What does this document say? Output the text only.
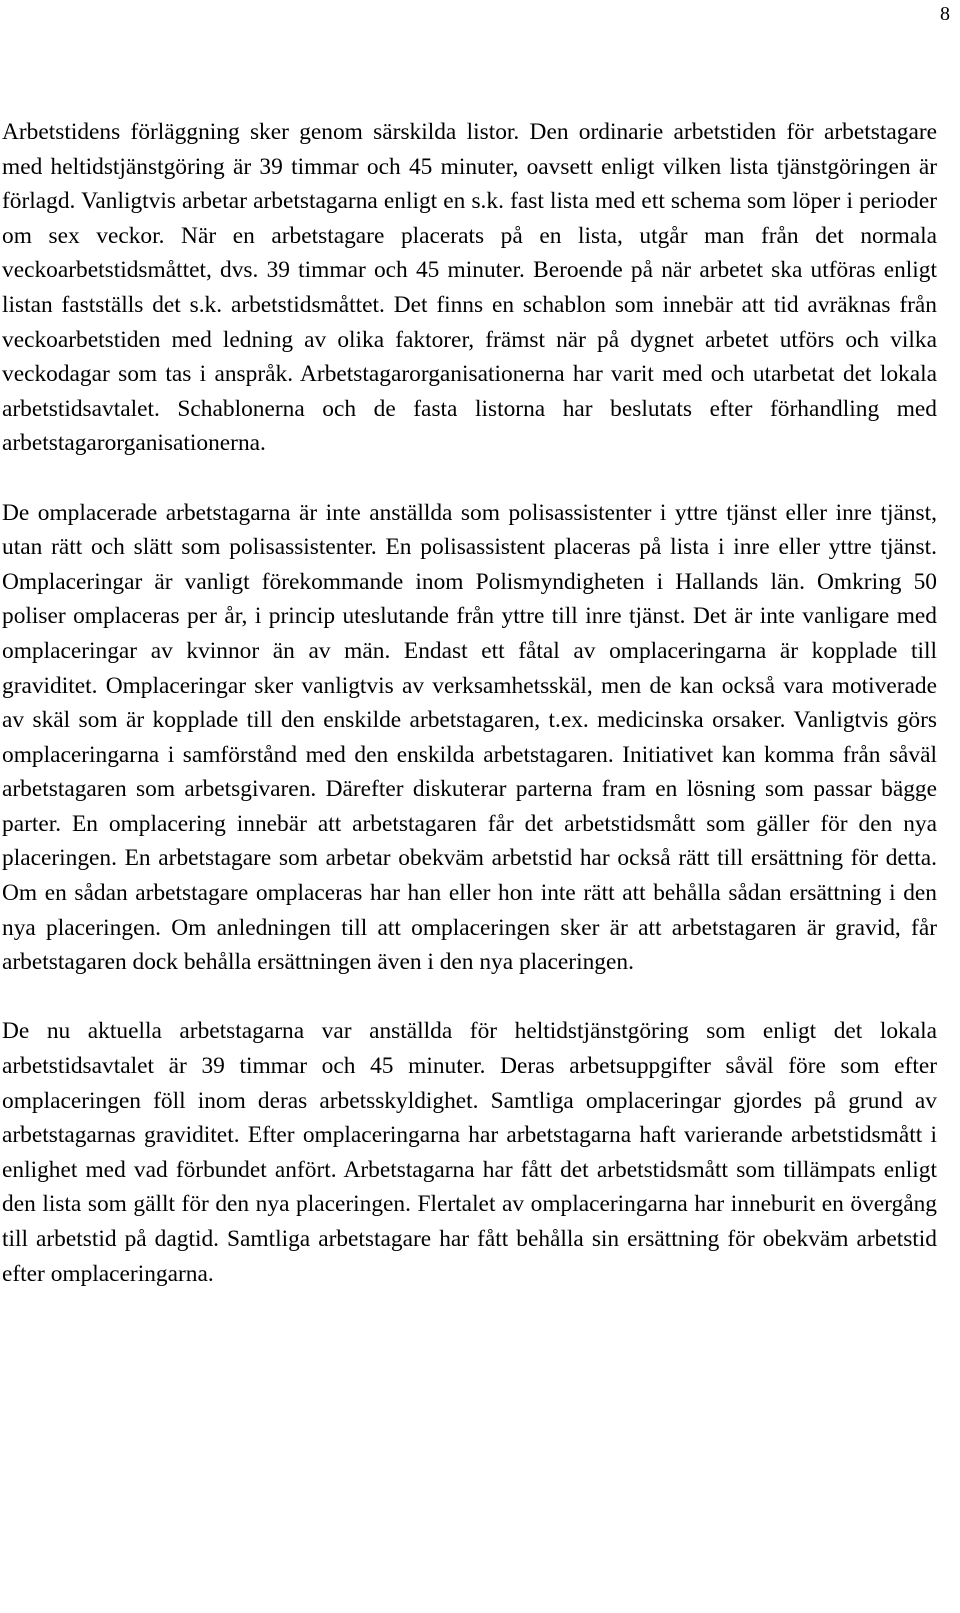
8

Arbetstidens förläggning sker genom särskilda listor. Den ordinarie arbetstiden för arbetstagare med heltidstjänstgöring är 39 timmar och 45 minuter, oavsett enligt vilken lista tjänstgöringen är förlagd. Vanligtvis arbetar arbetstagarna enligt en s.k. fast lista med ett schema som löper i perioder om sex veckor. När en arbetstagare placerats på en lista, utgår man från det normala veckoarbetstidsmåttet, dvs. 39 timmar och 45 minuter. Beroende på när arbetet ska utföras enligt listan fastställs det s.k. arbetstidsmåttet. Det finns en schablon som innebär att tid avräknas från veckoarbetstiden med ledning av olika faktorer, främst när på dygnet arbetet utförs och vilka veckodagar som tas i anspråk. Arbetstagarorganisationerna har varit med och utarbetat det lokala arbetstidsavtalet. Schablonerna och de fasta listorna har beslutats efter förhandling med arbetstagarorganisationerna.

De omplacerade arbetstagarna är inte anställda som polisassistenter i yttre tjänst eller inre tjänst, utan rätt och slätt som polisassistenter. En polisassistent placeras på lista i inre eller yttre tjänst. Omplaceringar är vanligt förekommande inom Polismyndigheten i Hallands län. Omkring 50 poliser omplaceras per år, i princip uteslutande från yttre till inre tjänst. Det är inte vanligare med omplaceringar av kvinnor än av män. Endast ett fåtal av omplaceringarna är kopplade till graviditet. Omplaceringar sker vanligtvis av verksamhetsskäl, men de kan också vara motiverade av skäl som är kopplade till den enskilde arbetstagaren, t.ex. medicinska orsaker. Vanligtvis görs omplaceringarna i samförstånd med den enskilda arbetstagaren. Initiativet kan komma från såväl arbetstagaren som arbetsgivaren. Därefter diskuterar parterna fram en lösning som passar bägge parter. En omplacering innebär att arbetstagaren får det arbetstidsmått som gäller för den nya placeringen. En arbetstagare som arbetar obekväm arbetstid har också rätt till ersättning för detta. Om en sådan arbetstagare omplaceras har han eller hon inte rätt att behålla sådan ersättning i den nya placeringen. Om anledningen till att omplaceringen sker är att arbetstagaren är gravid, får arbetstagaren dock behålla ersättningen även i den nya placeringen.

De nu aktuella arbetstagarna var anställda för heltidstjänstgöring som enligt det lokala arbetstidsavtalet är 39 timmar och 45 minuter. Deras arbetsuppgifter såväl före som efter omplaceringen föll inom deras arbetsskyldighet. Samtliga omplaceringar gjordes på grund av arbetstagarnas graviditet. Efter omplaceringarna har arbetstagarna haft varierande arbetstidsmått i enlighet med vad förbundet anfört. Arbetstagarna har fått det arbetstidsmått som tillämpats enligt den lista som gällt för den nya placeringen. Flertalet av omplaceringarna har inneburit en övergång till arbetstid på dagtid. Samtliga arbetstagare har fått behålla sin ersättning för obekväm arbetstid efter omplaceringarna.
